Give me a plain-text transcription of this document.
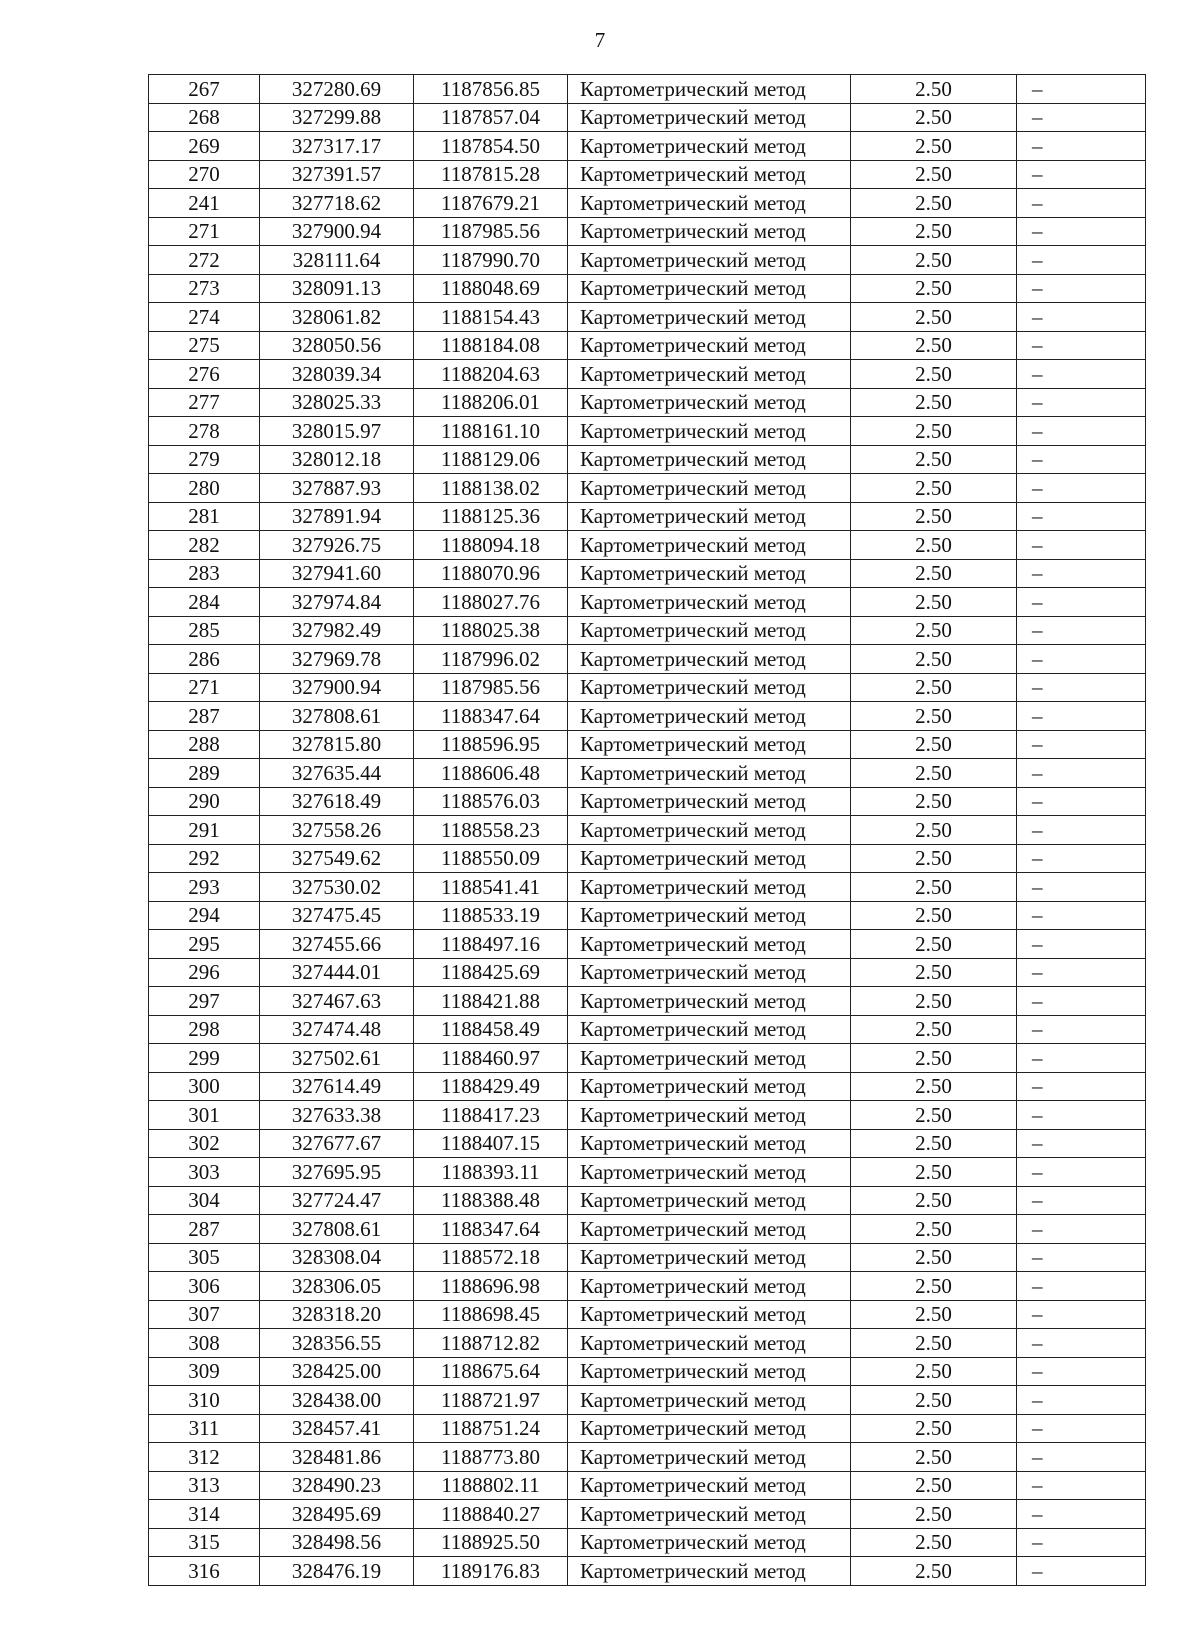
7
267	327280.69	1187856.85	Картометрический метод	2.50	–
268	327299.88	1187857.04	Картометрический метод	2.50	–
269	327317.17	1187854.50	Картометрический метод	2.50	–
270	327391.57	1187815.28	Картометрический метод	2.50	–
241	327718.62	1187679.21	Картометрический метод	2.50	–
271	327900.94	1187985.56	Картометрический метод	2.50	–
272	328111.64	1187990.70	Картометрический метод	2.50	–
273	328091.13	1188048.69	Картометрический метод	2.50	–
274	328061.82	1188154.43	Картометрический метод	2.50	–
275	328050.56	1188184.08	Картометрический метод	2.50	–
276	328039.34	1188204.63	Картометрический метод	2.50	–
277	328025.33	1188206.01	Картометрический метод	2.50	–
278	328015.97	1188161.10	Картометрический метод	2.50	–
279	328012.18	1188129.06	Картометрический метод	2.50	–
280	327887.93	1188138.02	Картометрический метод	2.50	–
281	327891.94	1188125.36	Картометрический метод	2.50	–
282	327926.75	1188094.18	Картометрический метод	2.50	–
283	327941.60	1188070.96	Картометрический метод	2.50	–
284	327974.84	1188027.76	Картометрический метод	2.50	–
285	327982.49	1188025.38	Картометрический метод	2.50	–
286	327969.78	1187996.02	Картометрический метод	2.50	–
271	327900.94	1187985.56	Картометрический метод	2.50	–
287	327808.61	1188347.64	Картометрический метод	2.50	–
288	327815.80	1188596.95	Картометрический метод	2.50	–
289	327635.44	1188606.48	Картометрический метод	2.50	–
290	327618.49	1188576.03	Картометрический метод	2.50	–
291	327558.26	1188558.23	Картометрический метод	2.50	–
292	327549.62	1188550.09	Картометрический метод	2.50	–
293	327530.02	1188541.41	Картометрический метод	2.50	–
294	327475.45	1188533.19	Картометрический метод	2.50	–
295	327455.66	1188497.16	Картометрический метод	2.50	–
296	327444.01	1188425.69	Картометрический метод	2.50	–
297	327467.63	1188421.88	Картометрический метод	2.50	–
298	327474.48	1188458.49	Картометрический метод	2.50	–
299	327502.61	1188460.97	Картометрический метод	2.50	–
300	327614.49	1188429.49	Картометрический метод	2.50	–
301	327633.38	1188417.23	Картометрический метод	2.50	–
302	327677.67	1188407.15	Картометрический метод	2.50	–
303	327695.95	1188393.11	Картометрический метод	2.50	–
304	327724.47	1188388.48	Картометрический метод	2.50	–
287	327808.61	1188347.64	Картометрический метод	2.50	–
305	328308.04	1188572.18	Картометрический метод	2.50	–
306	328306.05	1188696.98	Картометрический метод	2.50	–
307	328318.20	1188698.45	Картометрический метод	2.50	–
308	328356.55	1188712.82	Картометрический метод	2.50	–
309	328425.00	1188675.64	Картометрический метод	2.50	–
310	328438.00	1188721.97	Картометрический метод	2.50	–
311	328457.41	1188751.24	Картометрический метод	2.50	–
312	328481.86	1188773.80	Картометрический метод	2.50	–
313	328490.23	1188802.11	Картометрический метод	2.50	–
314	328495.69	1188840.27	Картометрический метод	2.50	–
315	328498.56	1188925.50	Картометрический метод	2.50	–
316	328476.19	1189176.83	Картометрический метод	2.50	–
